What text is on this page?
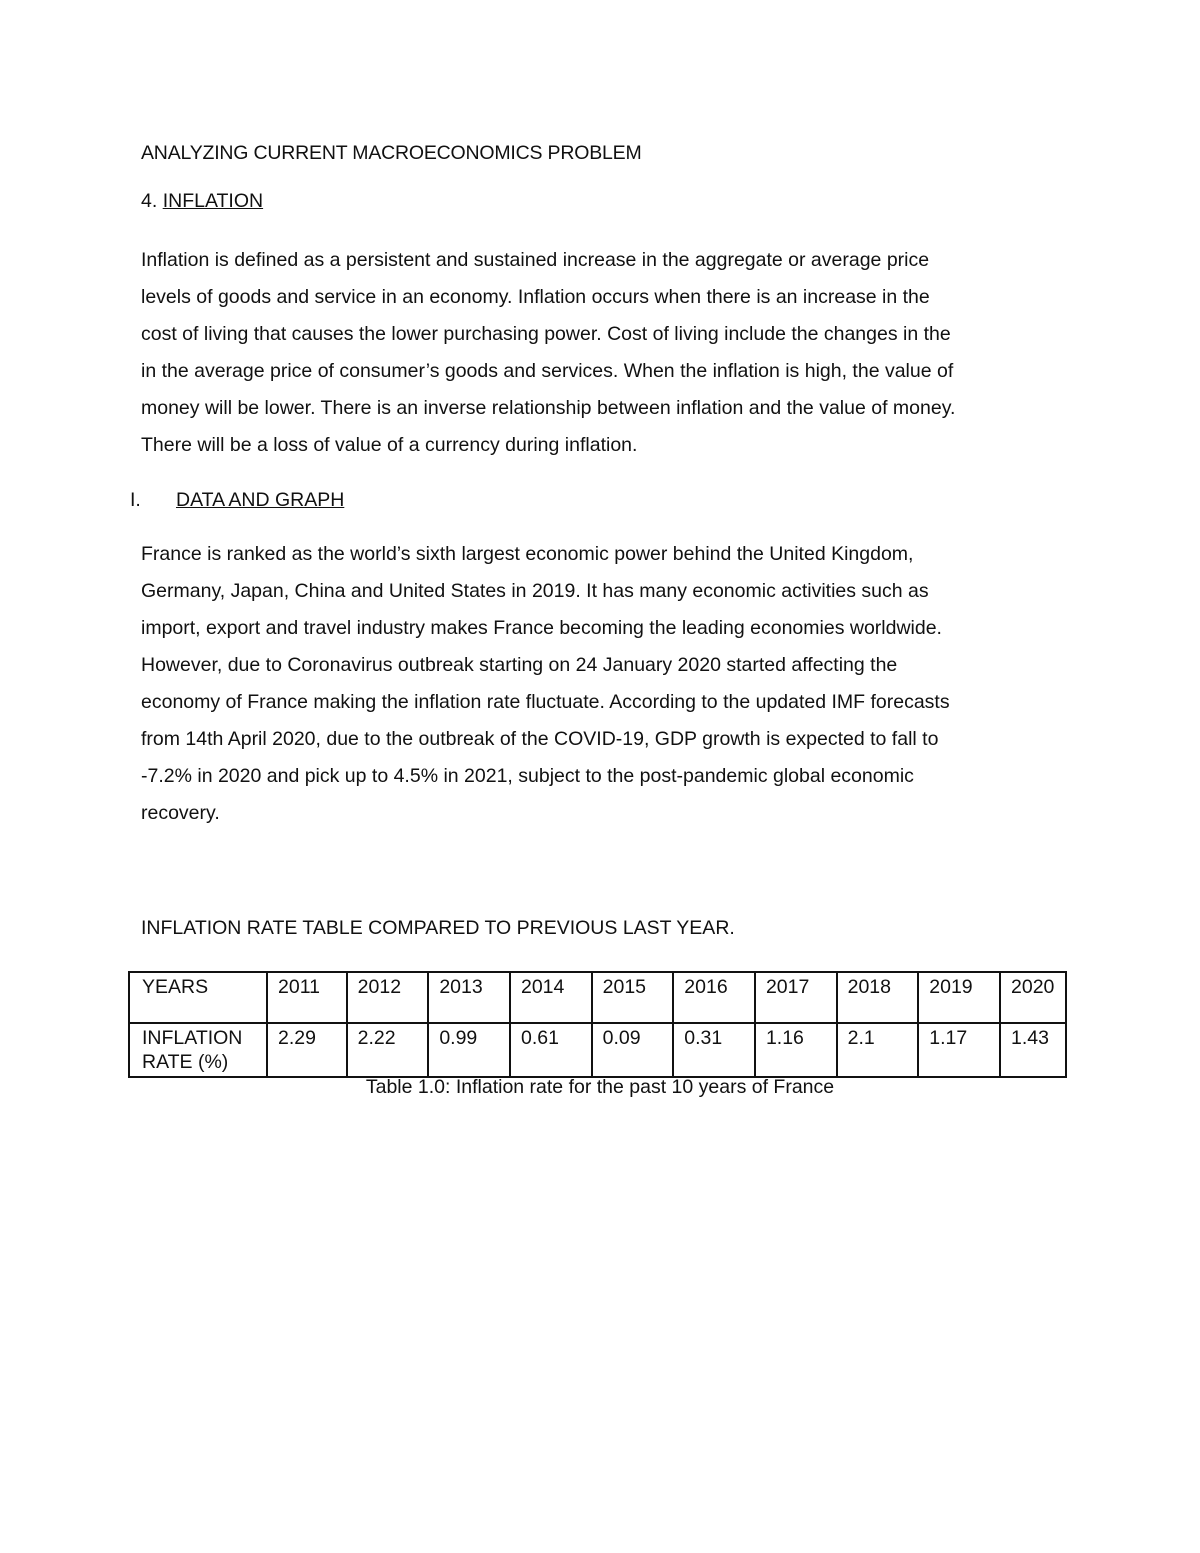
ANALYZING CURRENT MACROECONOMICS PROBLEM
4. INFLATION

Inflation is defined as a persistent and sustained increase in the aggregate or average price
levels of goods and service in an economy. Inflation occurs when there is an increase in the
cost of living that causes the lower purchasing power. Cost of living include the changes in the
in the average price of consumer’s goods and services. When the inflation is high, the value of
money will be lower. There is an inverse relationship between inflation and the value of money.
There will be a loss of value of a currency during inflation.

I. DATA AND GRAPH

France is ranked as the world’s sixth largest economic power behind the United Kingdom,
Germany, Japan, China and United States in 2019. It has many economic activities such as
import, export and travel industry makes France becoming the leading economies worldwide.
However, due to Coronavirus outbreak starting on 24 January 2020 started affecting the
economy of France making the inflation rate fluctuate. According to the updated IMF forecasts
from 14th April 2020, due to the outbreak of the COVID-19, GDP growth is expected to fall to
-7.2% in 2020 and pick up to 4.5% in 2021, subject to the post-pandemic global economic
recovery.

INFLATION RATE TABLE COMPARED TO PREVIOUS LAST YEAR.
YEARS	2011	2012	2013	2014	2015	2016	2017	2018	2019	2020
INFLATION RATE (%)	2.29	2.22	0.99	0.61	0.09	0.31	1.16	2.1	1.17	1.43
Table 1.0: Inflation rate for the past 10 years of France
